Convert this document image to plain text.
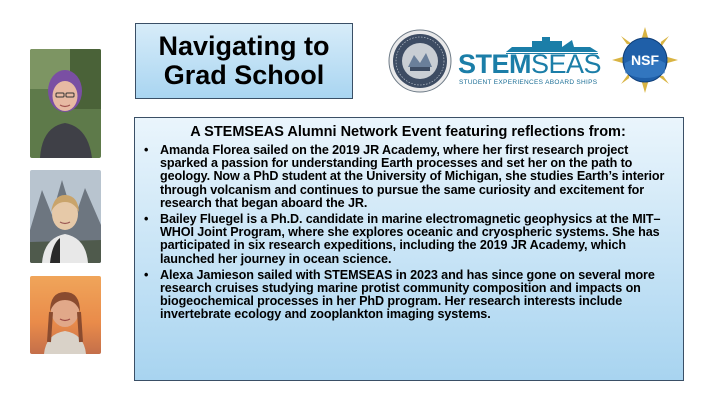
Navigating to
Grad School	STEMSEAS
STUDENT EXPERIENCES ABOARD SHIPS
NSF
A STEMSEAS Alumni Network Event featuring reflections from:
• Amanda Florea sailed on the 2019 JR Academy, where her first research project sparked a passion for understanding Earth processes and set her on the path to geology. Now a PhD student at the University of Michigan, she studies Earth’s interior through volcanism and continues to pursue the same curiosity and excitement for research that began aboard the JR.
• Bailey Fluegel is a Ph.D. candidate in marine electromagnetic geophysics at the MIT–WHOI Joint Program, where she explores oceanic and cryospheric systems. She has participated in six research expeditions, including the 2019 JR Academy, which launched her journey in ocean science.
• Alexa Jamieson sailed with STEMSEAS in 2023 and has since gone on several more research cruises studying marine protist community composition and impacts on biogeochemical processes in her PhD program. Her research interests include invertebrate ecology and zooplankton imaging systems.
